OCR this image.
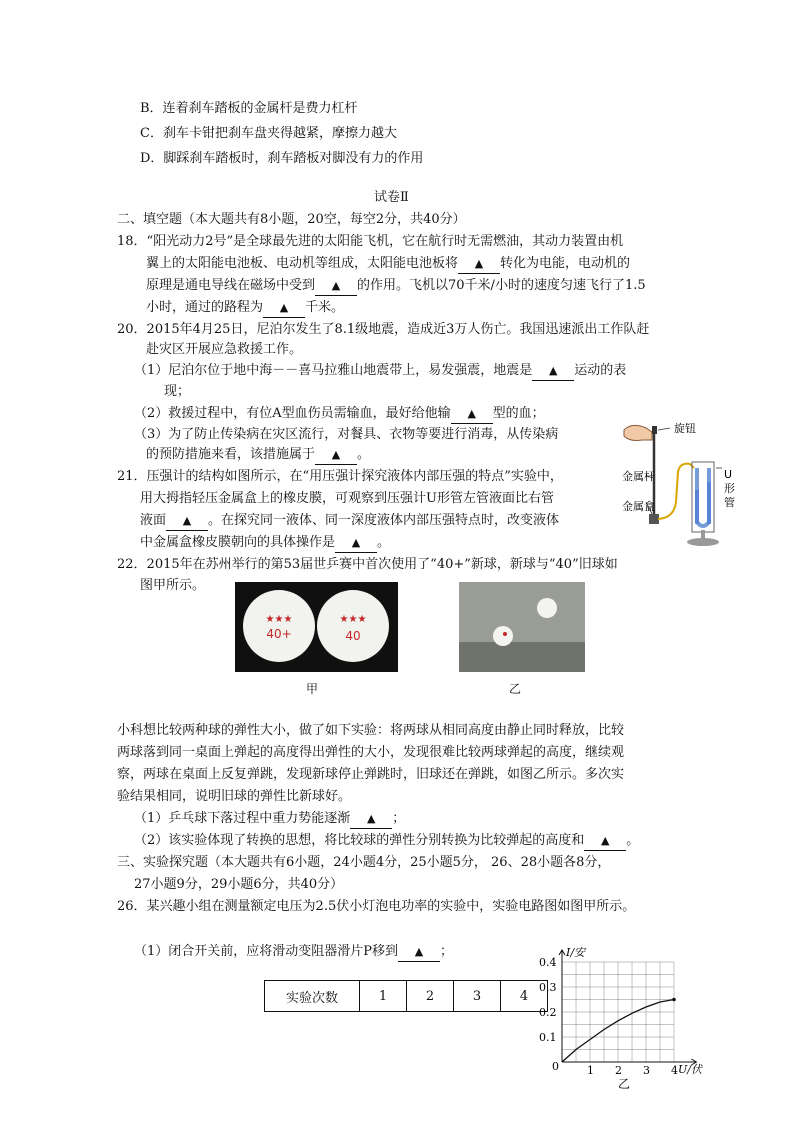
B．连着刹车踏板的金属杆是费力杠杆
C．刹车卡钳把刹车盘夹得越紧，摩擦力越大
D．脚踩刹车踏板时，刹车踏板对脚没有力的作用
试卷Ⅱ
二、填空题（本大题共有8小题，20空，每空2分，共40分）
18．“阳光动力2号”是全球最先进的太阳能飞机，它在航行时无需燃油，其动力装置由机
翼上的太阳能电池板、电动机等组成，太阳能电池板将 ▲ 转化为电能，电动机的
原理是通电导线在磁场中受到 ▲ 的作用。飞机以70千米/小时的速度匀速飞行了1.5
小时，通过的路程为 ▲ 千米。
20．2015年4月25日，尼泊尔发生了8.1级地震，造成近3万人伤亡。我国迅速派出工作队赶
赴灾区开展应急救援工作。
（1）尼泊尔位于地中海－－喜马拉雅山地震带上，易发强震，地震是 ▲ 运动的表
现；
（2）救援过程中，有位A型血伤员需输血，最好给他输 ▲ 型的血；
（3）为了防止传染病在灾区流行，对餐具、衣物等要进行消毒，从传染病
的预防措施来看，该措施属于 ▲ 。
21．压强计的结构如图所示，在“用压强计探究液体内部压强的特点”实验中，
用大拇指轻压金属盒上的橡皮膜，可观察到压强计U形管左管液面比右管
液面 ▲ 。在探究同一液体、同一深度液体内部压强特点时，改变液体
中金属盒橡皮膜朝向的具体操作是 ▲ 。
旋钮
金属杆
金属盒
U
形
管
22．2015年在苏州举行的第53届世乒赛中首次使用了“40+”新球，新球与“40”旧球如
图甲所示。
★★★
40+
★★★
40
甲	乙
小科想比较两种球的弹性大小，做了如下实验：将两球从相同高度由静止同时释放，比较
两球落到同一桌面上弹起的高度得出弹性的大小，发现很难比较两球弹起的高度，继续观
察，两球在桌面上反复弹跳，发现新球停止弹跳时，旧球还在弹跳，如图乙所示。多次实
验结果相同，说明旧球的弹性比新球好。
（1）乒乓球下落过程中重力势能逐渐 ▲ ；
（2）该实验体现了转换的思想，将比较球的弹性分别转换为比较弹起的高度和 ▲ 。
三、实验探究题（本大题共有6小题，24小题4分，25小题5分， 26、28小题各8分，
27小题9分，29小题6分，共40分）
26．某兴趣小组在测量额定电压为2.5伏小灯泡电功率的实验中，实验电路图如图甲所示。
（1）闭合开关前，应将滑动变阻器滑片P移到 ▲ ；
实验次数	1	2	3	4
1 2 3 4
0.1
0.2
0.3
0.4
I/安
U/伏
0
乙
